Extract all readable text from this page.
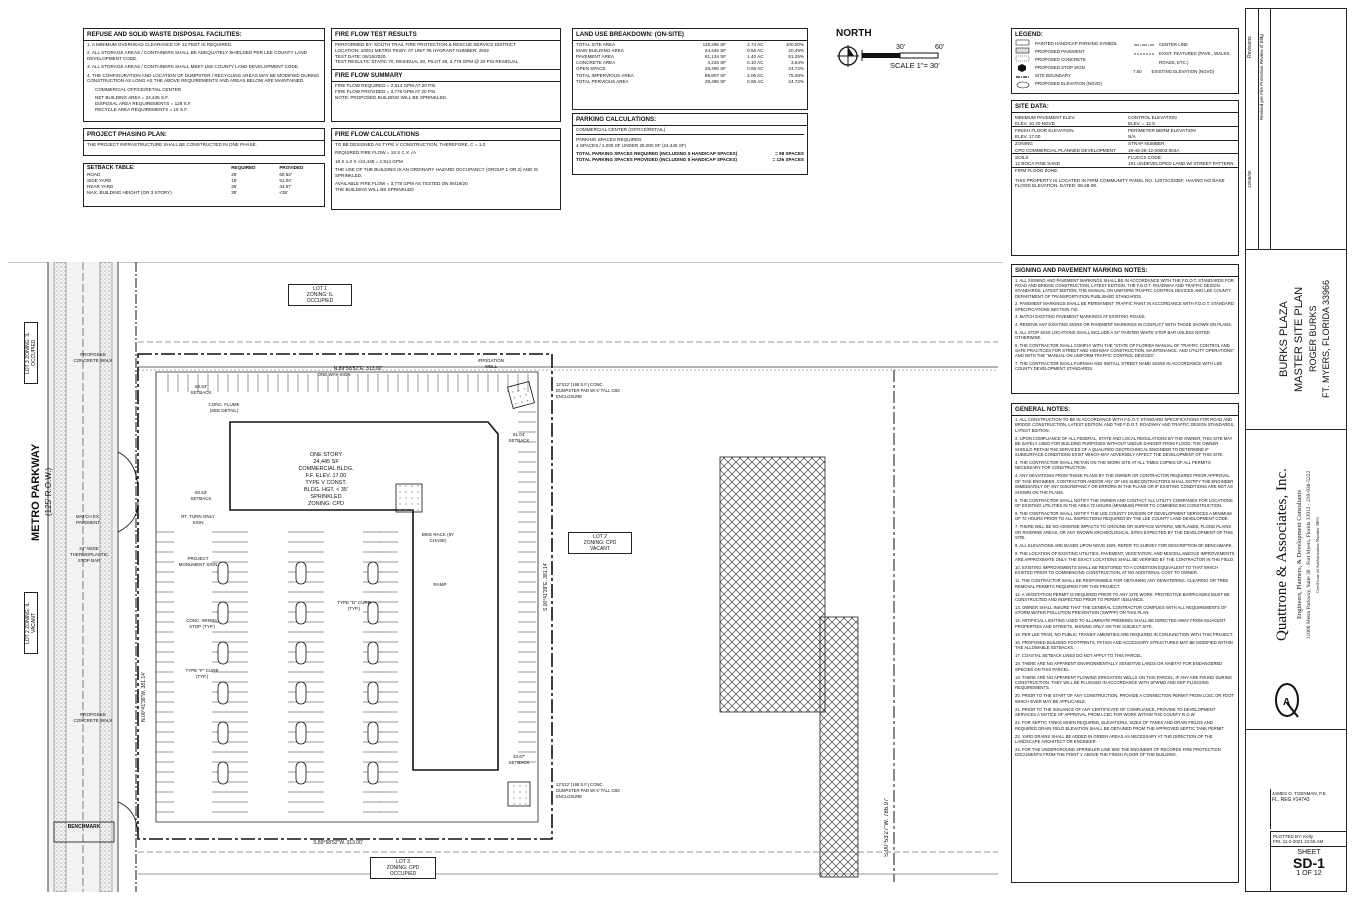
REFUSE AND SOLID WASTE DISPOSAL FACILITIES:

1. A MINIMUM OVERHEAD CLEARANCE OF 22 FEET IS REQUIRED.

2. ALL STORAGE AREAS / CONTAINERS SHALL BE ADEQUATELY SHIELDED PER LEE COUNTY LAND DEVELOPMENT CODE.

3. ALL STORAGE AREAS / CONTAINERS SHALL MEET LEE COUNTY LAND DEVELOPMENT CODE.

4. THE CONFIGURATION AND LOCATION OF DUMPSTER / RECYCLING AREAS MAY BE MODIFIED DURING CONSTRUCTION AS LONG AS THE ABOVE REQUIREMENTS AND AREAS BELOW ARE MAINTAINED.

COMMERCIAL OFFICE/RETAIL CENTER

NET BUILDING AREA = 24,445 S.F.
DISPOSAL AREA REQUIREMENTS = 128 S.F.
RECYCLE AREA REQUIREMENTS = 16 S.F.
PROJECT PHASING PLAN:
THE PROJECT INFRASTRUCTURE SHALL BE CONSTRUCTED IN ONE PHASE.
SETBACK TABLE:	REQUIRED	PROVIDED
ROAD	25'	60.53'
SIDE YARD	15'	51.04'
REAR YARD	25'	43.67'
MAX. BUILDING HEIGHT (OR 3 STORY)	35'	<35'
FIRE FLOW TEST RESULTS
PERFORMED BY: SOUTH TRAIL FIRE PROTECTION & RESCUE SERVICE DISTRICT
LOCATION: 10001 METRO PKWY. AT UNIT #5 HYDRANT NUMBER: 2502
TEST DATE: 06/19/2020
TEST RESULTS: STATIC 70, RESIDUAL 60, PILOT 28, 3,778 GPM @ 20 PSI RESIDUAL
FIRE FLOW SUMMARY
FIRE FLOW REQUIRED = 2,914 GPM AT 20 PSI
FIRE FLOW PROVIDED = 3,778 GPM AT 20 PSI
NOTE: PROPOSED BUILDING WILL BE SPRINKLED.
FIRE FLOW CALCULATIONS

TO BE DESIGNED AS TYPE V CONSTRUCTION, THEREFORE, C = 1.0

REQUIRED FIRE FLOW = 18 X C X √A

18 X 1.0 X √24,445 = 2,914 GPM

THE USE OF THE BUILDING IS AN ORDINARY HAZARD OCCUPANCY (GROUP 1 OR 2) AND IS SPRINKLED.

AVAILABLE FIRE FLOW = 3,778 GPM AS TESTED ON 06/19/20
THE BUILDING WILL BE SPRINKLED
LAND USE BREAKDOWN: (ON-SITE)
TOTAL SITE AREA	119,295 SF	2.74 AC	100.00%
MAIN BUILDING AREA	24,445 SF	0.56 AC	20.49%
PAVEMENT AREA	61,134 SF	1.40 AC	51.25%
CONCRETE AREA	4,226 SF	0.10 AC	3.54%
OPEN SPACE	29,490 SF	0.68 AC	24.72%
TOTAL IMPERVIOUS AREA	89,807 SF	2.06 AC	75.28%
TOTAL PERVIOUS AREA	29,490 SF	0.68 AC	24.72%
PARKING CALCULATIONS:
COMMERCIAL CENTER (OFFICE/RETAIL)
PARKING SPACES REQUIRED
4 SPACES / 1,000 SF UNDER 25,000 SF (24,445 SF)
TOTAL PARKING SPACES REQUIRED (INCLUDING 5 HANDICAP SPACES)	= 98 SPACES
TOTAL PARKING SPACES PROVIDED (INCLUDING 5 HANDICAP SPACES)	= 136 SPACES
NORTH
30'	60'
SCALE 1"= 30'
LEGEND:
PAINTED HANDICAP PARKING SYMBOL
PROPOSED PAVEMENT
PROPOSED CONCRETE
PROPOSED STOP SIGN
SITE BOUNDARY
PROPOSED ELEVATION (NGVD)
CENTER LINE
EXIST. FEATURES (PAVE., WALKS, ROADS, ETC.)
7.60 EXISTING ELEVATION (NGVD)
SITE DATA:
MINIMUM PAVEMENT ELEV.	CONTROL ELEVATION
ELEV. 10.40 NGVD	ELEV. = 12.5
FINISH FLOOR ELEVATION	PERIMETER BERM ELEVATION
ELEV. 17.00	N/A
ZONING	STRAP NUMBER
CPD COMMERCIAL PLANNED DEVELOPMENT	19-45-25-12-00003.003A
SOILS	FLUCCS CODE:
12 BOCA FINE SAND	191 UNDEVELOPED LAND W/ STREET PATTERN
FIRM FLOOD ZONE:	
THIS PROPERTY IS LOCATED IN FIRM COMMUNITY PANEL NO. 12071C0335F, HAVING NO BASE FLOOD ELEVATION. DATED: 08-28-08.
SIGNING AND PAVEMENT MARKING NOTES:

1. ALL SIGNING AND PAVEMENT MARKINGS SHALL BE IN ACCORDANCE WITH THE F.D.O.T. STANDARDS FOR ROAD AND BRIDGE CONSTRUCTION, LATEST EDITION, THE F.D.O.T. ROADWAY AND TRAFFIC DESIGN STANDARDS, LATEST EDITION, THE MANUAL ON UNIFORM TRAFFIC CONTROL DEVICES AND LEE COUNTY DEPARTMENT OF TRANSPORTATION PUBLISHED STANDARDS.

2. PAVEMENT MARKINGS SHALL BE PERMANENT TRAFFIC PAINT IN ACCORDANCE WITH F.D.O.T. STANDARD SPECIFICATIONS SECTION 710.

3. MATCH EXISTING PAVEMENT MARKINGS AT EXISTING ROADS.

4. REMOVE ANY EXISTING SIGNS OR PAVEMENT MARKINGS IN CONFLICT WITH THOSE SHOWN ON PLANS.

5. ALL STOP SIGN LOCATIONS SHALL INCLUDE A 24" PAINTED WHITE STOP BAR UNLESS NOTED OTHERWISE.

6. THE CONTRACTOR SHALL COMPLY WITH THE "STATE OF FLORIDA MANUAL OF TRAFFIC CONTROL AND SAFE PRACTICES FOR STREET AND HIGHWAY CONSTRUCTION, MAINTENANCE, AND UTILITY OPERATIONS" AND WITH THE "MANUAL ON UNIFORM TRAFFIC CONTROL DEVICES".

7. THE CONTRACTOR SHALL FURNISH AND INSTALL STREET NAME SIGNS IN ACCORDANCE WITH LEE COUNTY DEVELOPMENT STANDARDS.

GENERAL NOTES:

1. ALL CONSTRUCTION TO BE IN ACCORDANCE WITH F.D.O.T. STANDARD SPECIFICATIONS FOR ROAD AND BRIDGE CONSTRUCTION, LATEST EDITION, AND THE F.D.O.T. ROADWAY AND TRAFFIC DESIGN STANDARDS, LATEST EDITION.

2. UPON COMPLIANCE OF ALL FEDERAL, STATE AND LOCAL REGULATIONS BY THE OWNER, THIS SITE MAY BE SAFELY USED FOR BUILDING PURPOSES WITHOUT UNDUE DANGER FROM FLOOD. THE OWNER SHOULD RETAIN THE SERVICES OF A QUALIFIED GEOTECHNICAL ENGINEER TO DETERMINE IF SUBSURFACE CONDITIONS EXIST WHICH MAY ADVERSELY AFFECT THE DEVELOPMENT OF THIS SITE.

3. THE CONTRACTOR SHALL RETAIN ON THE WORK SITE AT ALL TIMES COPIES OF ALL PERMITS NECESSARY FOR CONSTRUCTION.

4. ANY DEVIATIONS FROM THESE PLANS BY THE OWNER OR CONTRACTOR REQUIRES PRIOR APPROVAL OF THIS ENGINEER. CONTRACTOR AND/OR ANY OF HIS SUBCONTRACTORS SHALL NOTIFY THE ENGINEER IMMEDIATELY OF ANY DISCREPANCY OR ERRORS IN THE PLANS OR IF EXISTING CONDITIONS ARE NOT AS SHOWN ON THE PLANS.

5. THE CONTRACTOR SHALL NOTIFY THE OWNER AND CONTACT ALL UTILITY COMPANIES FOR LOCATIONS OF EXISTING UTILITIES IN THE AREA 72 HOURS (MINIMUM) PRIOR TO COMMENCING CONSTRUCTION.

6. THE CONTRACTOR SHALL NOTIFY THE LEE COUNTY DIVISION OF DEVELOPMENT SERVICES A MINIMUM OF 72 HOURS PRIOR TO ALL INSPECTIONS REQUIRED BY THE LEE COUNTY LAND DEVELOPMENT CODE.

7. THERE WILL BE NO ADVERSE IMPACTS TO GROUND OR SURFACE WATERS, WETLANDS, FLOOD PLAINS OR RIVERINE AREAS, OR ANY KNOWN ARCHEOLOGICAL SITES EXPECTED BY THE DEVELOPMENT OF THIS SITE.

8. ALL ELEVATIONS ARE BASED UPON NGVD 1929, REFER TO SURVEY FOR DESCRIPTION OF BENCHMARK.

9. THE LOCATION OF EXISTING UTILITIES, PAVEMENT, VEGETATION, AND MISCELLANEOUS IMPROVEMENTS ARE APPROXIMATE ONLY. THE EXACT LOCATIONS SHALL BE VERIFIED BY THE CONTRACTOR IN THE FIELD.

10. EXISTING IMPROVEMENTS SHALL BE RESTORED TO A CONDITION EQUIVALENT TO THAT WHICH EXISTED PRIOR TO COMMENCING CONSTRUCTION, AT NO ADDITIONAL COST TO OWNER.

11. THE CONTRACTOR SHALL BE RESPONSIBLE FOR OBTAINING ANY DEWATERING, CLEARING OR TREE REMOVAL PERMITS REQUIRED FOR THIS PROJECT.

12. A VEGETATION PERMIT IS REQUIRED PRIOR TO ANY SITE WORK. PROTECTIVE BARRICADES MUST BE CONSTRUCTED AND INSPECTED PRIOR TO PERMIT ISSUANCE.

13. OWNER SHALL INSURE THAT THE GENERAL CONTRACTOR COMPLIES WITH ALL REQUIREMENTS OF STORM WATER POLLUTION PREVENTION (SWPPP) ON THIS PLAN.

14. ARTIFICIAL LIGHTING USED TO ILLUMINATE PREMISES SHALL BE DIRECTED AWAY FROM ADJACENT PROPERTIES AND STREETS, SHINING ONLY ON THE SUBJECT SITE.

15. PER LEE TRAN, NO PUBLIC TRANSIT AMENITIES ARE REQUIRED IN CONJUNCTION WITH THIS PROJECT.

16. PROPOSED BUILDING FOOTPRINTS, PATIOS AND ACCESSORY STRUCTURES MAY BE MODIFIED WITHIN THE ALLOWABLE SETBACKS.

17. COASTAL SETBACK LINES DO NOT APPLY TO THIS PARCEL.

18. THERE ARE NO APPARENT ENVIRONMENTALLY SENSITIVE LANDS OR HABITAT FOR ENDANGERED SPECIES ON THIS PARCEL.

19. THERE ARE NO APPARENT FLOWING IRRIGATION WELLS ON THIS PARCEL; IF ANY ARE FOUND DURING CONSTRUCTION, THEY WILL BE PLUGGED IN ACCORDANCE WITH SFWMD AND DEP PLUGGING REQUIREMENTS.

20. PRIOR TO THE START OF ANY CONSTRUCTION, PROVIDE A CONNECTION PERMIT FROM LCEC OR FDOT WHICH EVER MAY BE APPLICABLE.

21. PRIOR TO THE ISSUANCE OF ANY CERTIFICATE OF COMPLIANCE, PROVIDE TO DEVELOPMENT SERVICES A NOTICE OF APPROVAL FROM LCEC FOR WORK WITHIN THE COUNTY R.O.W.

22. FOR SEPTIC TANKS WHEN REQUIRED, ELEVATIONS, SIZES OF TANKS AND DRAIN FIELDS AND REQUIRED DRAIN FIELD ELEVATION SHALL BE OBTAINED FROM THE APPROVED SEPTIC TANK PERMIT.

23. YARD DRAINS SHALL BE ADDED IN GREEN AREAS AS NECESSARY AT THE DIRECTION OF THE LANDSCAPE ARCHITECT OR ENGINEER.

24. FOR THE UNDERGROUND SPRINKLER LINE SEE THE ENGINEER OF RECORDS FIRE PROTECTION DOCUMENTS FROM THE POINT 1' ABOVE THE FINISH FLOOR OF THE BUILDING.

Revisions Revised per Fire Protection Review of Bldg
12/06/06
BURKS PLAZA MASTER SITE PLAN ROGER BURKS FT. MYERS, FLORIDA 33966
A
Quattrone & Associates, Inc. Engineers, Planners, & Development Consultants 11000 Metro Parkway, Suite 30 · Fort Myers, Florida 33912 · 239-936-5222 Certificate of Authorization Number 5865
JAMES O. TOENMAN, P.E.
FL. REG #14743
PLOTTED BY: Kelly
FRI, 11-2-2021 10:56 AM
SHEET
SD-1
1 OF 12
METRO PARKWAY (125' R.O.W.)
LOT 1
ZONING: IL
OCCUPIED
LOT 2
ZONING: CPD
VACANT
LOT 3
ZONING: CPD
OCCUPIED
LOT 3 ZONING: IL OCCUPIED
LOT 2 ZONING: IL VACANT
ONE STORY
24,445 SF
COMMERCIAL BLDG.
F.F. ELEV. 17.00
TYPE V CONST.
BLDG. HGT. < 35'
SPRINKLED
ZONING: CPD
N.89°58'52"E. 313.00'
S.89°58'52"W. 313.00'
S.00°41'38"E. 381.14'
N.00°41'38"W. 381.14'
S.00°53'27"W. 786.97'
60.53' SETBACK
51.04' SETBACK
43.67' SETBACK
60.53' SETBACK
CONC. FLUME (SEE DETAIL)
ONE WAY SIGN
RT. TURN ONLY SIGN
PROJECT MONUMENT SIGN
CONC. WHEEL STOP (TYP.)
TYPE "D" CURB (TYP.)
TYPE "F" CURB (TYP.)
BIKE RACK (8Y CHASE)
RAMP
IRRIGATION WELL
12'X12' (168 S.F.) CONC. DUMPSTER PAD W/ 6' TALL CBS ENCLOSURE
12'X12' (168 S.F.) CONC. DUMPSTER PAD W/ 6' TALL CBS ENCLOSURE
BENCHMARK
PROPOSED CONCRETE WALK
MATCH EX. PAVEMENT
24" WIDE THERMOPLASTIC STOP BAR
PROPOSED CONCRETE WALK
